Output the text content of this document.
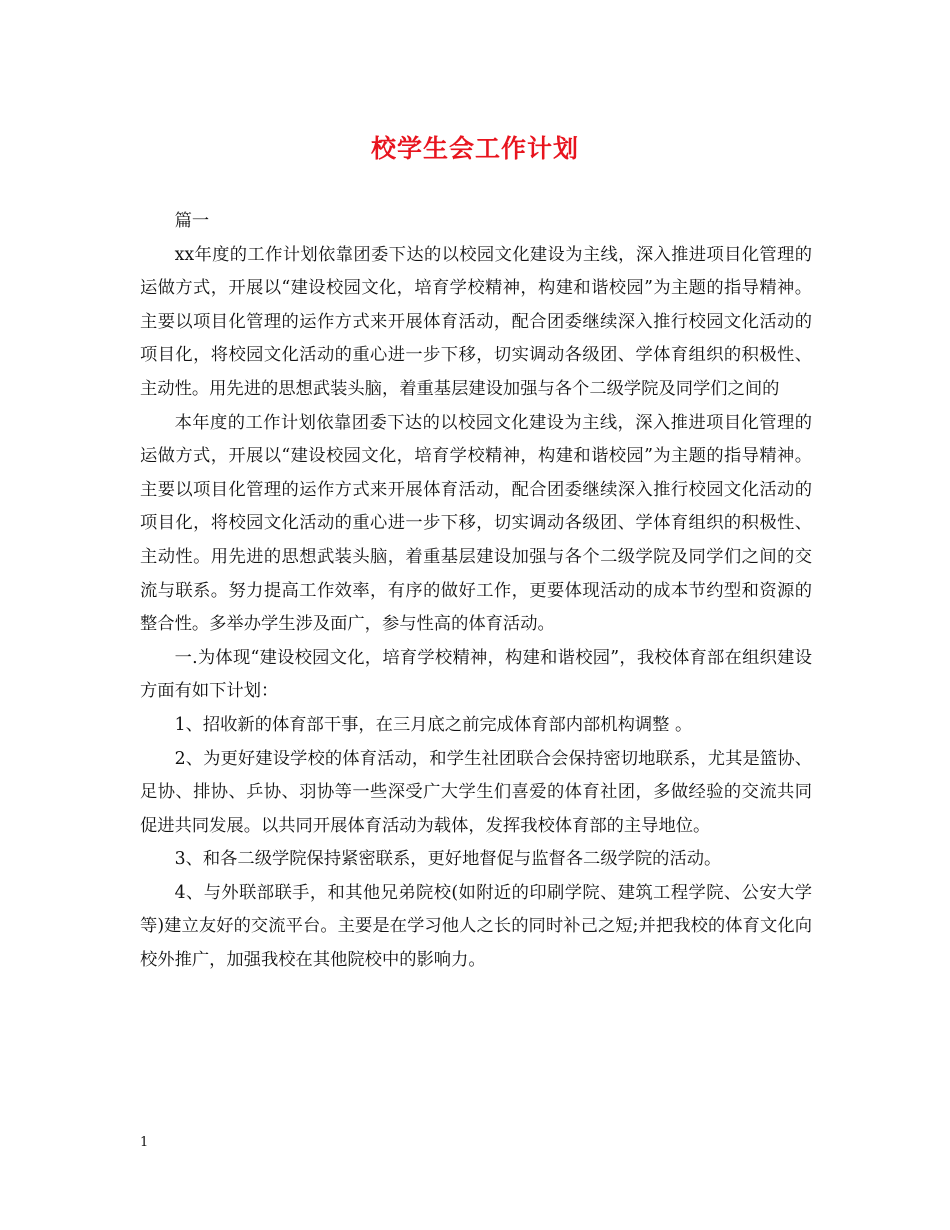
校学生会工作计划

篇一

xx年度的工作计划依靠团委下达的以校园文化建设为主线，深入推进项目化管理的运做方式，开展以“建设校园文化，培育学校精神，构建和谐校园”为主题的指导精神。主要以项目化管理的运作方式来开展体育活动，配合团委继续深入推行校园文化活动的项目化，将校园文化活动的重心进一步下移，切实调动各级团、学体育组织的积极性、主动性。用先进的思想武装头脑，着重基层建设加强与各个二级学院及同学们之间的

本年度的工作计划依靠团委下达的以校园文化建设为主线，深入推进项目化管理的运做方式，开展以“建设校园文化，培育学校精神，构建和谐校园”为主题的指导精神。主要以项目化管理的运作方式来开展体育活动，配合团委继续深入推行校园文化活动的项目化，将校园文化活动的重心进一步下移，切实调动各级团、学体育组织的积极性、主动性。用先进的思想武装头脑，着重基层建设加强与各个二级学院及同学们之间的交流与联系。努力提高工作效率，有序的做好工作，更要体现活动的成本节约型和资源的整合性。多举办学生涉及面广，参与性高的体育活动。

一.为体现“建设校园文化，培育学校精神，构建和谐校园”，我校体育部在组织建设方面有如下计划：

1、招收新的体育部干事，在三月底之前完成体育部内部机构调整 。

2、为更好建设学校的体育活动，和学生社团联合会保持密切地联系，尤其是篮协、足协、排协、乒协、羽协等一些深受广大学生们喜爱的体育社团，多做经验的交流共同促进共同发展。以共同开展体育活动为载体，发挥我校体育部的主导地位。

3、和各二级学院保持紧密联系，更好地督促与监督各二级学院的活动。

4、与外联部联手，和其他兄弟院校(如附近的印刷学院、建筑工程学院、公安大学等)建立友好的交流平台。主要是在学习他人之长的同时补己之短;并把我校的体育文化向校外推广，加强我校在其他院校中的影响力。

1
